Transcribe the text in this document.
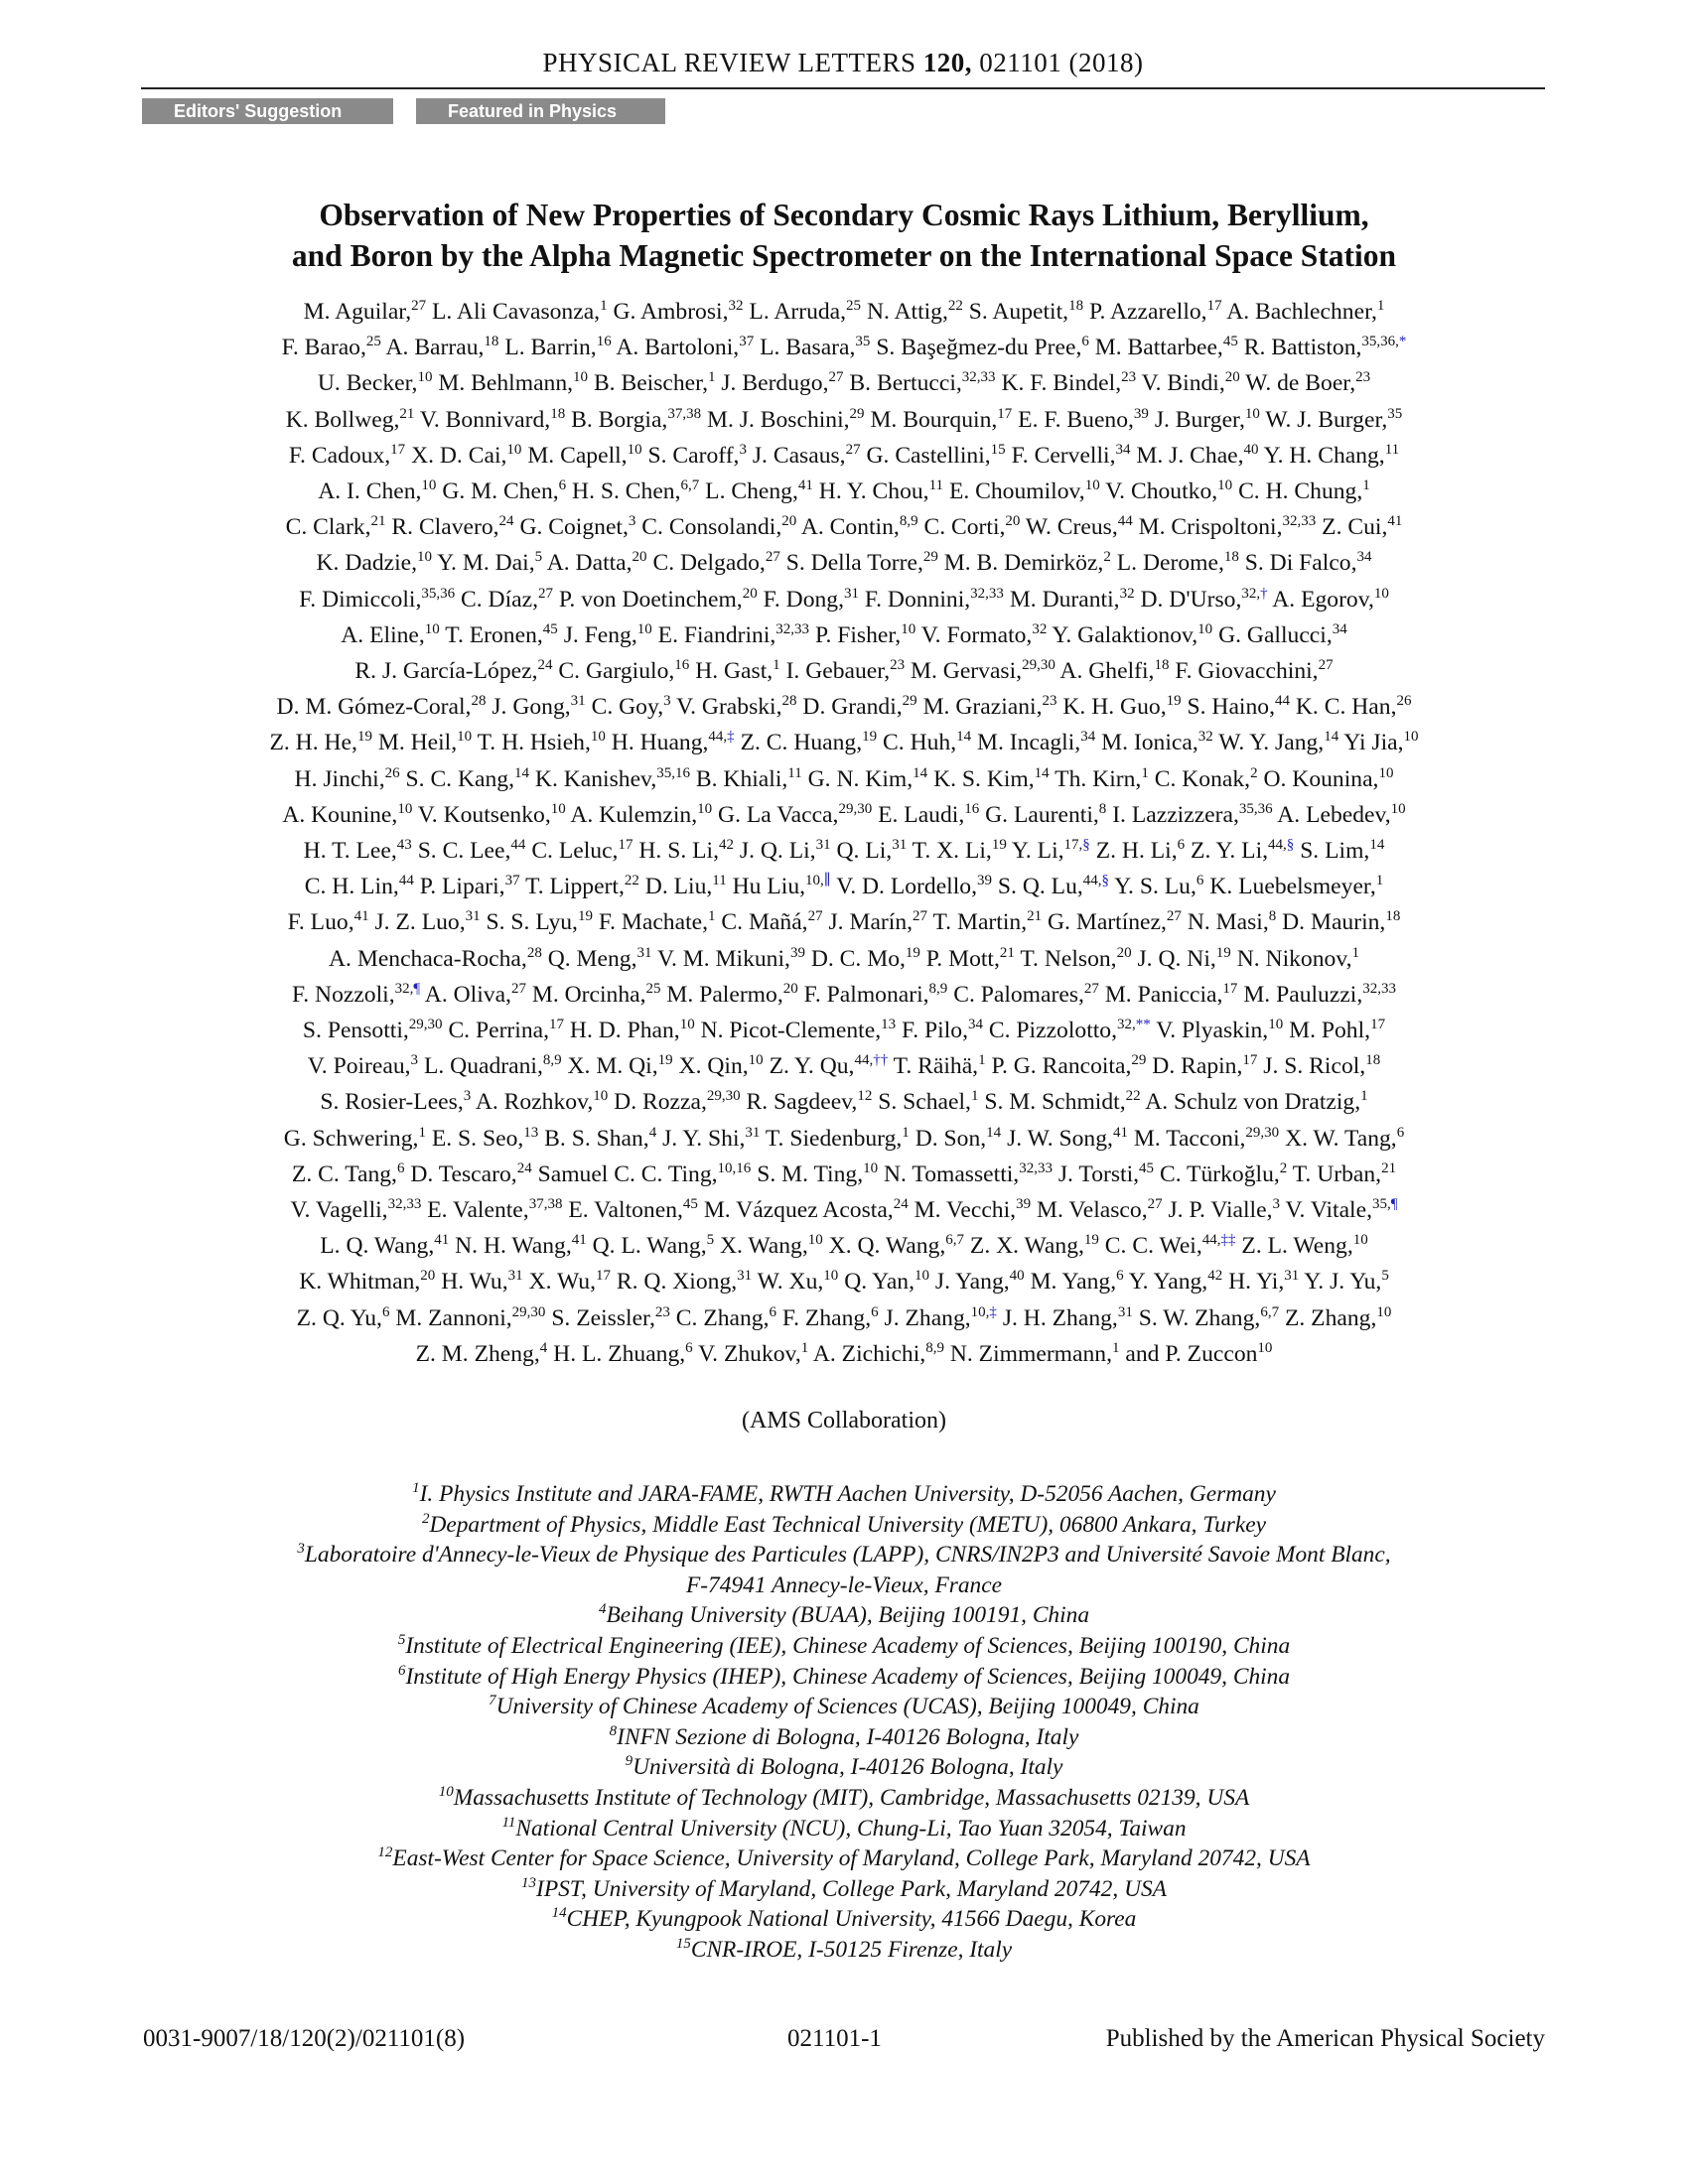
PHYSICAL REVIEW LETTERS 120, 021101 (2018)
Editors' Suggestion	Featured in Physics
Observation of New Properties of Secondary Cosmic Rays Lithium, Beryllium,
and Boron by the Alpha Magnetic Spectrometer on the International Space Station
M. Aguilar,$^{27}$ L. Ali Cavasonza,$^1$ G. Ambrosi,$^{32}$ L. Arruda,$^{25}$ N. Attig,$^{22}$ S. Aupetit,$^{18}$ P. Azzarello,$^{17}$ A. Bachlechner,$^1$
F. Barao,$^{25}$ A. Barrau,$^{18}$ L. Barrin,$^{16}$ A. Bartoloni,$^{37}$ L. Basara,$^{35}$ S. Başeğmez-du Pree,$^6$ M. Battarbee,$^{45}$ R. Battiston,$^{35,36,*}$
U. Becker,$^{10}$ M. Behlmann,$^{10}$ B. Beischer,$^1$ J. Berdugo,$^{27}$ B. Bertucci,$^{32,33}$ K. F. Bindel,$^{23}$ V. Bindi,$^{20}$ W. de Boer,$^{23}$
K. Bollweg,$^{21}$ V. Bonnivard,$^{18}$ B. Borgia,$^{37,38}$ M. J. Boschini,$^{29}$ M. Bourquin,$^{17}$ E. F. Bueno,$^{39}$ J. Burger,$^{10}$ W. J. Burger,$^{35}$
F. Cadoux,$^{17}$ X. D. Cai,$^{10}$ M. Capell,$^{10}$ S. Caroff,$^3$ J. Casaus,$^{27}$ G. Castellini,$^{15}$ F. Cervelli,$^{34}$ M. J. Chae,$^{40}$ Y. H. Chang,$^{11}$
A. I. Chen,$^{10}$ G. M. Chen,$^6$ H. S. Chen,$^{6,7}$ L. Cheng,$^{41}$ H. Y. Chou,$^{11}$ E. Choumilov,$^{10}$ V. Choutko,$^{10}$ C. H. Chung,$^1$
C. Clark,$^{21}$ R. Clavero,$^{24}$ G. Coignet,$^3$ C. Consolandi,$^{20}$ A. Contin,$^{8,9}$ C. Corti,$^{20}$ W. Creus,$^{44}$ M. Crispoltoni,$^{32,33}$ Z. Cui,$^{41}$
K. Dadzie,$^{10}$ Y. M. Dai,$^5$ A. Datta,$^{20}$ C. Delgado,$^{27}$ S. Della Torre,$^{29}$ M. B. Demirköz,$^2$ L. Derome,$^{18}$ S. Di Falco,$^{34}$
F. Dimiccoli,$^{35,36}$ C. Díaz,$^{27}$ P. von Doetinchem,$^{20}$ F. Dong,$^{31}$ F. Donnini,$^{32,33}$ M. Duranti,$^{32}$ D. D'Urso,$^{32,\dagger}$ A. Egorov,$^{10}$
A. Eline,$^{10}$ T. Eronen,$^{45}$ J. Feng,$^{10}$ E. Fiandrini,$^{32,33}$ P. Fisher,$^{10}$ V. Formato,$^{32}$ Y. Galaktionov,$^{10}$ G. Gallucci,$^{34}$
R. J. García-López,$^{24}$ C. Gargiulo,$^{16}$ H. Gast,$^1$ I. Gebauer,$^{23}$ M. Gervasi,$^{29,30}$ A. Ghelfi,$^{18}$ F. Giovacchini,$^{27}$
D. M. Gómez-Coral,$^{28}$ J. Gong,$^{31}$ C. Goy,$^3$ V. Grabski,$^{28}$ D. Grandi,$^{29}$ M. Graziani,$^{23}$ K. H. Guo,$^{19}$ S. Haino,$^{44}$ K. C. Han,$^{26}$
Z. H. He,$^{19}$ M. Heil,$^{10}$ T. H. Hsieh,$^{10}$ H. Huang,$^{44,\ddagger}$ Z. C. Huang,$^{19}$ C. Huh,$^{14}$ M. Incagli,$^{34}$ M. Ionica,$^{32}$ W. Y. Jang,$^{14}$ Yi Jia,$^{10}$
H. Jinchi,$^{26}$ S. C. Kang,$^{14}$ K. Kanishev,$^{35,16}$ B. Khiali,$^{11}$ G. N. Kim,$^{14}$ K. S. Kim,$^{14}$ Th. Kirn,$^1$ C. Konak,$^2$ O. Kounina,$^{10}$
A. Kounine,$^{10}$ V. Koutsenko,$^{10}$ A. Kulemzin,$^{10}$ G. La Vacca,$^{29,30}$ E. Laudi,$^{16}$ G. Laurenti,$^8$ I. Lazzizzera,$^{35,36}$ A. Lebedev,$^{10}$
H. T. Lee,$^{43}$ S. C. Lee,$^{44}$ C. Leluc,$^{17}$ H. S. Li,$^{42}$ J. Q. Li,$^{31}$ Q. Li,$^{31}$ T. X. Li,$^{19}$ Y. Li,$^{17,\S}$ Z. H. Li,$^6$ Z. Y. Li,$^{44,\S}$ S. Lim,$^{14}$
C. H. Lin,$^{44}$ P. Lipari,$^{37}$ T. Lippert,$^{22}$ D. Liu,$^{11}$ Hu Liu,$^{10,\parallel}$ V. D. Lordello,$^{39}$ S. Q. Lu,$^{44,\S}$ Y. S. Lu,$^6$ K. Luebelsmeyer,$^1$
F. Luo,$^{41}$ J. Z. Luo,$^{31}$ S. S. Lyu,$^{19}$ F. Machate,$^1$ C. Mañá,$^{27}$ J. Marín,$^{27}$ T. Martin,$^{21}$ G. Martínez,$^{27}$ N. Masi,$^8$ D. Maurin,$^{18}$
A. Menchaca-Rocha,$^{28}$ Q. Meng,$^{31}$ V. M. Mikuni,$^{39}$ D. C. Mo,$^{19}$ P. Mott,$^{21}$ T. Nelson,$^{20}$ J. Q. Ni,$^{19}$ N. Nikonov,$^1$
F. Nozzoli,$^{32,\P}$ A. Oliva,$^{27}$ M. Orcinha,$^{25}$ M. Palermo,$^{20}$ F. Palmonari,$^{8,9}$ C. Palomares,$^{27}$ M. Paniccia,$^{17}$ M. Pauluzzi,$^{32,33}$
S. Pensotti,$^{29,30}$ C. Perrina,$^{17}$ H. D. Phan,$^{10}$ N. Picot-Clemente,$^{13}$ F. Pilo,$^{34}$ C. Pizzolotto,$^{32,**}$ V. Plyaskin,$^{10}$ M. Pohl,$^{17}$
V. Poireau,$^3$ L. Quadrani,$^{8,9}$ X. M. Qi,$^{19}$ X. Qin,$^{10}$ Z. Y. Qu,$^{44,\dagger\dagger}$ T. Räihä,$^1$ P. G. Rancoita,$^{29}$ D. Rapin,$^{17}$ J. S. Ricol,$^{18}$
S. Rosier-Lees,$^3$ A. Rozhkov,$^{10}$ D. Rozza,$^{29,30}$ R. Sagdeev,$^{12}$ S. Schael,$^1$ S. M. Schmidt,$^{22}$ A. Schulz von Dratzig,$^1$
G. Schwering,$^1$ E. S. Seo,$^{13}$ B. S. Shan,$^4$ J. Y. Shi,$^{31}$ T. Siedenburg,$^1$ D. Son,$^{14}$ J. W. Song,$^{41}$ M. Tacconi,$^{29,30}$ X. W. Tang,$^6$
Z. C. Tang,$^6$ D. Tescaro,$^{24}$ Samuel C. C. Ting,$^{10,16}$ S. M. Ting,$^{10}$ N. Tomassetti,$^{32,33}$ J. Torsti,$^{45}$ C. Türkoğlu,$^2$ T. Urban,$^{21}$
V. Vagelli,$^{32,33}$ E. Valente,$^{37,38}$ E. Valtonen,$^{45}$ M. Vázquez Acosta,$^{24}$ M. Vecchi,$^{39}$ M. Velasco,$^{27}$ J. P. Vialle,$^3$ V. Vitale,$^{35,\P}$
L. Q. Wang,$^{41}$ N. H. Wang,$^{41}$ Q. L. Wang,$^5$ X. Wang,$^{10}$ X. Q. Wang,$^{6,7}$ Z. X. Wang,$^{19}$ C. C. Wei,$^{44,\ddagger\ddagger}$ Z. L. Weng,$^{10}$
K. Whitman,$^{20}$ H. Wu,$^{31}$ X. Wu,$^{17}$ R. Q. Xiong,$^{31}$ W. Xu,$^{10}$ Q. Yan,$^{10}$ J. Yang,$^{40}$ M. Yang,$^6$ Y. Yang,$^{42}$ H. Yi,$^{31}$ Y. J. Yu,$^5$
Z. Q. Yu,$^6$ M. Zannoni,$^{29,30}$ S. Zeissler,$^{23}$ C. Zhang,$^6$ F. Zhang,$^6$ J. Zhang,$^{10,\ddagger}$ J. H. Zhang,$^{31}$ S. W. Zhang,$^{6,7}$ Z. Zhang,$^{10}$
Z. M. Zheng,$^4$ H. L. Zhuang,$^6$ V. Zhukov,$^1$ A. Zichichi,$^{8,9}$ N. Zimmermann,$^1$ and P. Zuccon$^{10}$
(AMS Collaboration)
$^1$I. Physics Institute and JARA-FAME, RWTH Aachen University, D-52056 Aachen, Germany
$^2$Department of Physics, Middle East Technical University (METU), 06800 Ankara, Turkey
$^3$Laboratoire d'Annecy-le-Vieux de Physique des Particules (LAPP), CNRS/IN2P3 and Université Savoie Mont Blanc,
F-74941 Annecy-le-Vieux, France
$^4$Beihang University (BUAA), Beijing 100191, China
$^5$Institute of Electrical Engineering (IEE), Chinese Academy of Sciences, Beijing 100190, China
$^6$Institute of High Energy Physics (IHEP), Chinese Academy of Sciences, Beijing 100049, China
$^7$University of Chinese Academy of Sciences (UCAS), Beijing 100049, China
$^8$INFN Sezione di Bologna, I-40126 Bologna, Italy
$^9$Università di Bologna, I-40126 Bologna, Italy
$^{10}$Massachusetts Institute of Technology (MIT), Cambridge, Massachusetts 02139, USA
$^{11}$National Central University (NCU), Chung-Li, Tao Yuan 32054, Taiwan
$^{12}$East-West Center for Space Science, University of Maryland, College Park, Maryland 20742, USA
$^{13}$IPST, University of Maryland, College Park, Maryland 20742, USA
$^{14}$CHEP, Kyungpook National University, 41566 Daegu, Korea
$^{15}$CNR-IROE, I-50125 Firenze, Italy
0031-9007/18/120(2)/021101(8)	021101-1	Published by the American Physical Society
